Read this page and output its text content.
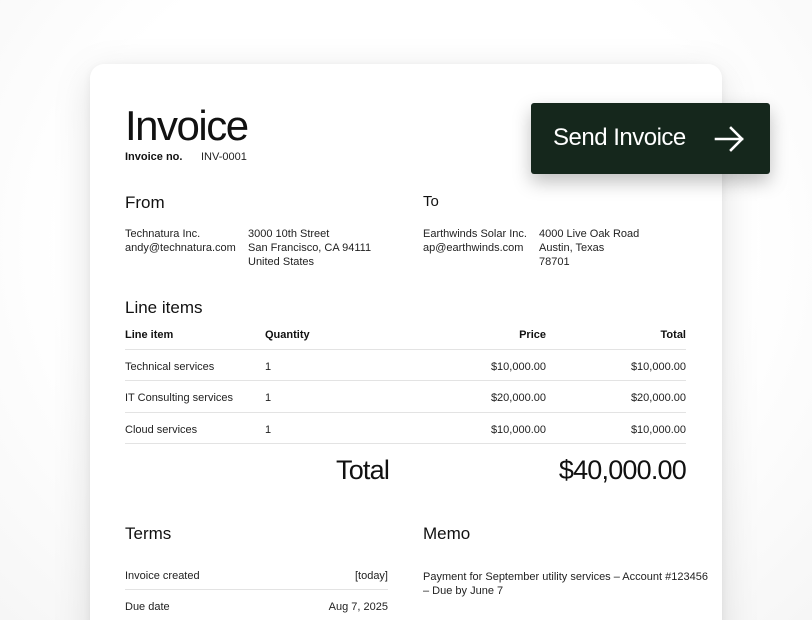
Invoice
Invoice no. INV-0001
From
Technatura Inc.
andy@technatura.com
3000 10th Street
San Francisco, CA 94111
United States
To
Earthwinds Solar Inc.
ap@earthwinds.com
4000 Live Oak Road
Austin, Texas
78701
Line items
Line item	Quantity	Price	Total
Technical services	1	$10,000.00	$10,000.00
IT Consulting services	1	$20,000.00	$20,000.00
Cloud services	1	$10,000.00	$10,000.00
Total	$40,000.00
Terms
Invoice created	[today]
Due date	Aug 7, 2025
Memo
Payment for September utility services – Account #123456
– Due by June 7
Send Invoice
